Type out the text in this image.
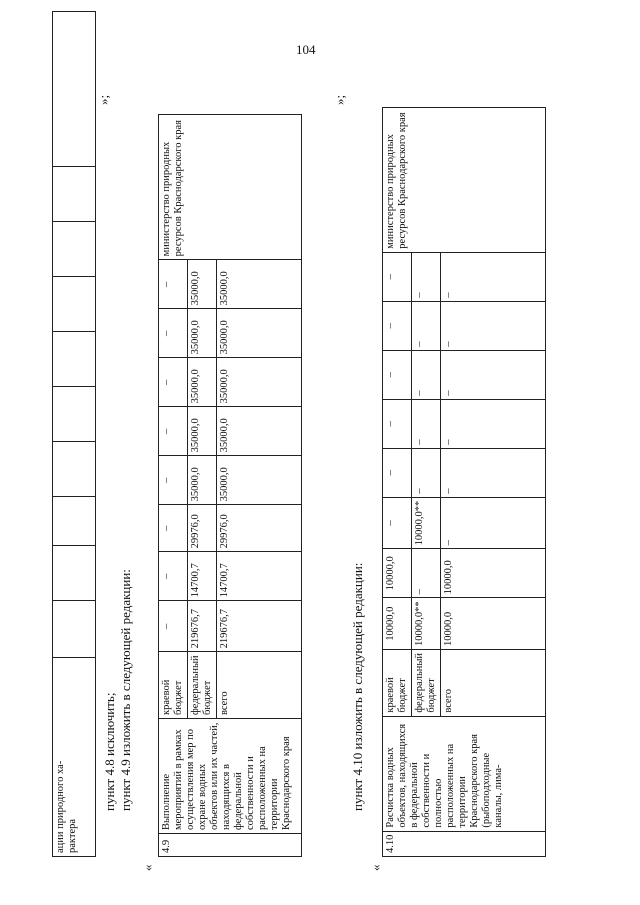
104
ации природного ха-
рактера										
»;
пункт 4.8 исключить; пункт 4.9 изложить в следующей редакции:
«
4.9	Выполнение мероприятий в рамках осуществления мер по охране водных объектов или их частей, находящихся в федеральной собственности и расположенных на территории Краснодарского края	краевой бюджет	–	–	–	–	–	–	–	–	министерство природных ресурсов Краснодарского края
		федеральный бюджет	219676,7	14700,7	29976,0	35000,0	35000,0	35000,0	35000,0	35000,0	
		всего	219676,7	14700,7	29976,0	35000,0	35000,0	35000,0	35000,0	35000,0	
»;
пункт 4.10 изложить в следующей редакции:
«
4.10	Расчистка водных объектов, находящихся в федеральной собственности и полностью расположенных на территории Краснодарского края (рыбоподходные каналы, лима-	краевой бюджет	10000,0	10000,0	–	–	–	–	–	–	министерство природных ресурсов Краснодарского края
		федеральный бюджет	10000,0**	–	10000,0**	–	–	–	–	–	
		всего	10000,0	10000,0	–	–	–	–	–	–	
